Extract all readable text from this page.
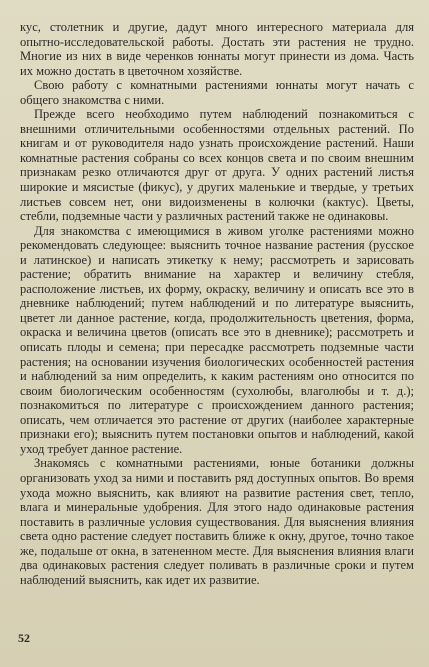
кус, столетник и другие, дадут много интересного материала для опытно-исследовательской работы. Достать эти растения не трудно. Многие из них в виде черенков юннаты могут принести из дома. Часть их можно достать в цветочном хозяйстве.

Свою работу с комнатными растениями юннаты могут начать с общего знакомства с ними.

Прежде всего необходимо путем наблюдений познакомиться с внешними отличительными особенностями отдельных растений. По книгам и от руководителя надо узнать происхождение растений. Наши комнатные растения собраны со всех концов света и по своим внешним признакам резко отличаются друг от друга. У одних растений листья широкие и мясистые (фикус), у других маленькие и твердые, у третьих листьев совсем нет, они видоизменены в колючки (кактус). Цветы, стебли, подземные части у различных растений также не одинаковы.

Для знакомства с имеющимися в живом уголке растениями можно рекомендовать следующее: выяснить точное название растения (русское и латинское) и написать этикетку к нему; рассмотреть и зарисовать растение; обратить внимание на характер и величину стебля, расположение листьев, их форму, окраску, величину и описать все это в дневнике наблюдений; путем наблюдений и по литературе выяснить, цветет ли данное растение, когда, продолжительность цветения, форма, окраска и величина цветов (описать все это в дневнике); рассмотреть и описать плоды и семена; при пересадке рассмотреть подземные части растения; на основании изучения биологических особенностей растения и наблюдений за ним определить, к каким растениям оно относится по своим биологическим особенностям (сухолюбы, влаголюбы и т. д.); познакомиться по литературе с происхождением данного растения; описать, чем отличается это растение от других (наиболее характерные признаки его); выяснить путем постановки опытов и наблюдений, какой уход требует данное растение.

Знакомясь с комнатными растениями, юные ботаники должны организовать уход за ними и поставить ряд доступных опытов. Во время ухода можно выяснить, как влияют на развитие растения свет, тепло, влага и минеральные удобрения. Для этого надо одинаковые растения поставить в различные условия существования. Для выяснения влияния света одно растение следует поставить ближе к окну, другое, точно такое же, подальше от окна, в затененном месте. Для выяснения влияния влаги два одинаковых растения следует поливать в различные сроки и путем наблюдений выяснить, как идет их развитие.

52
